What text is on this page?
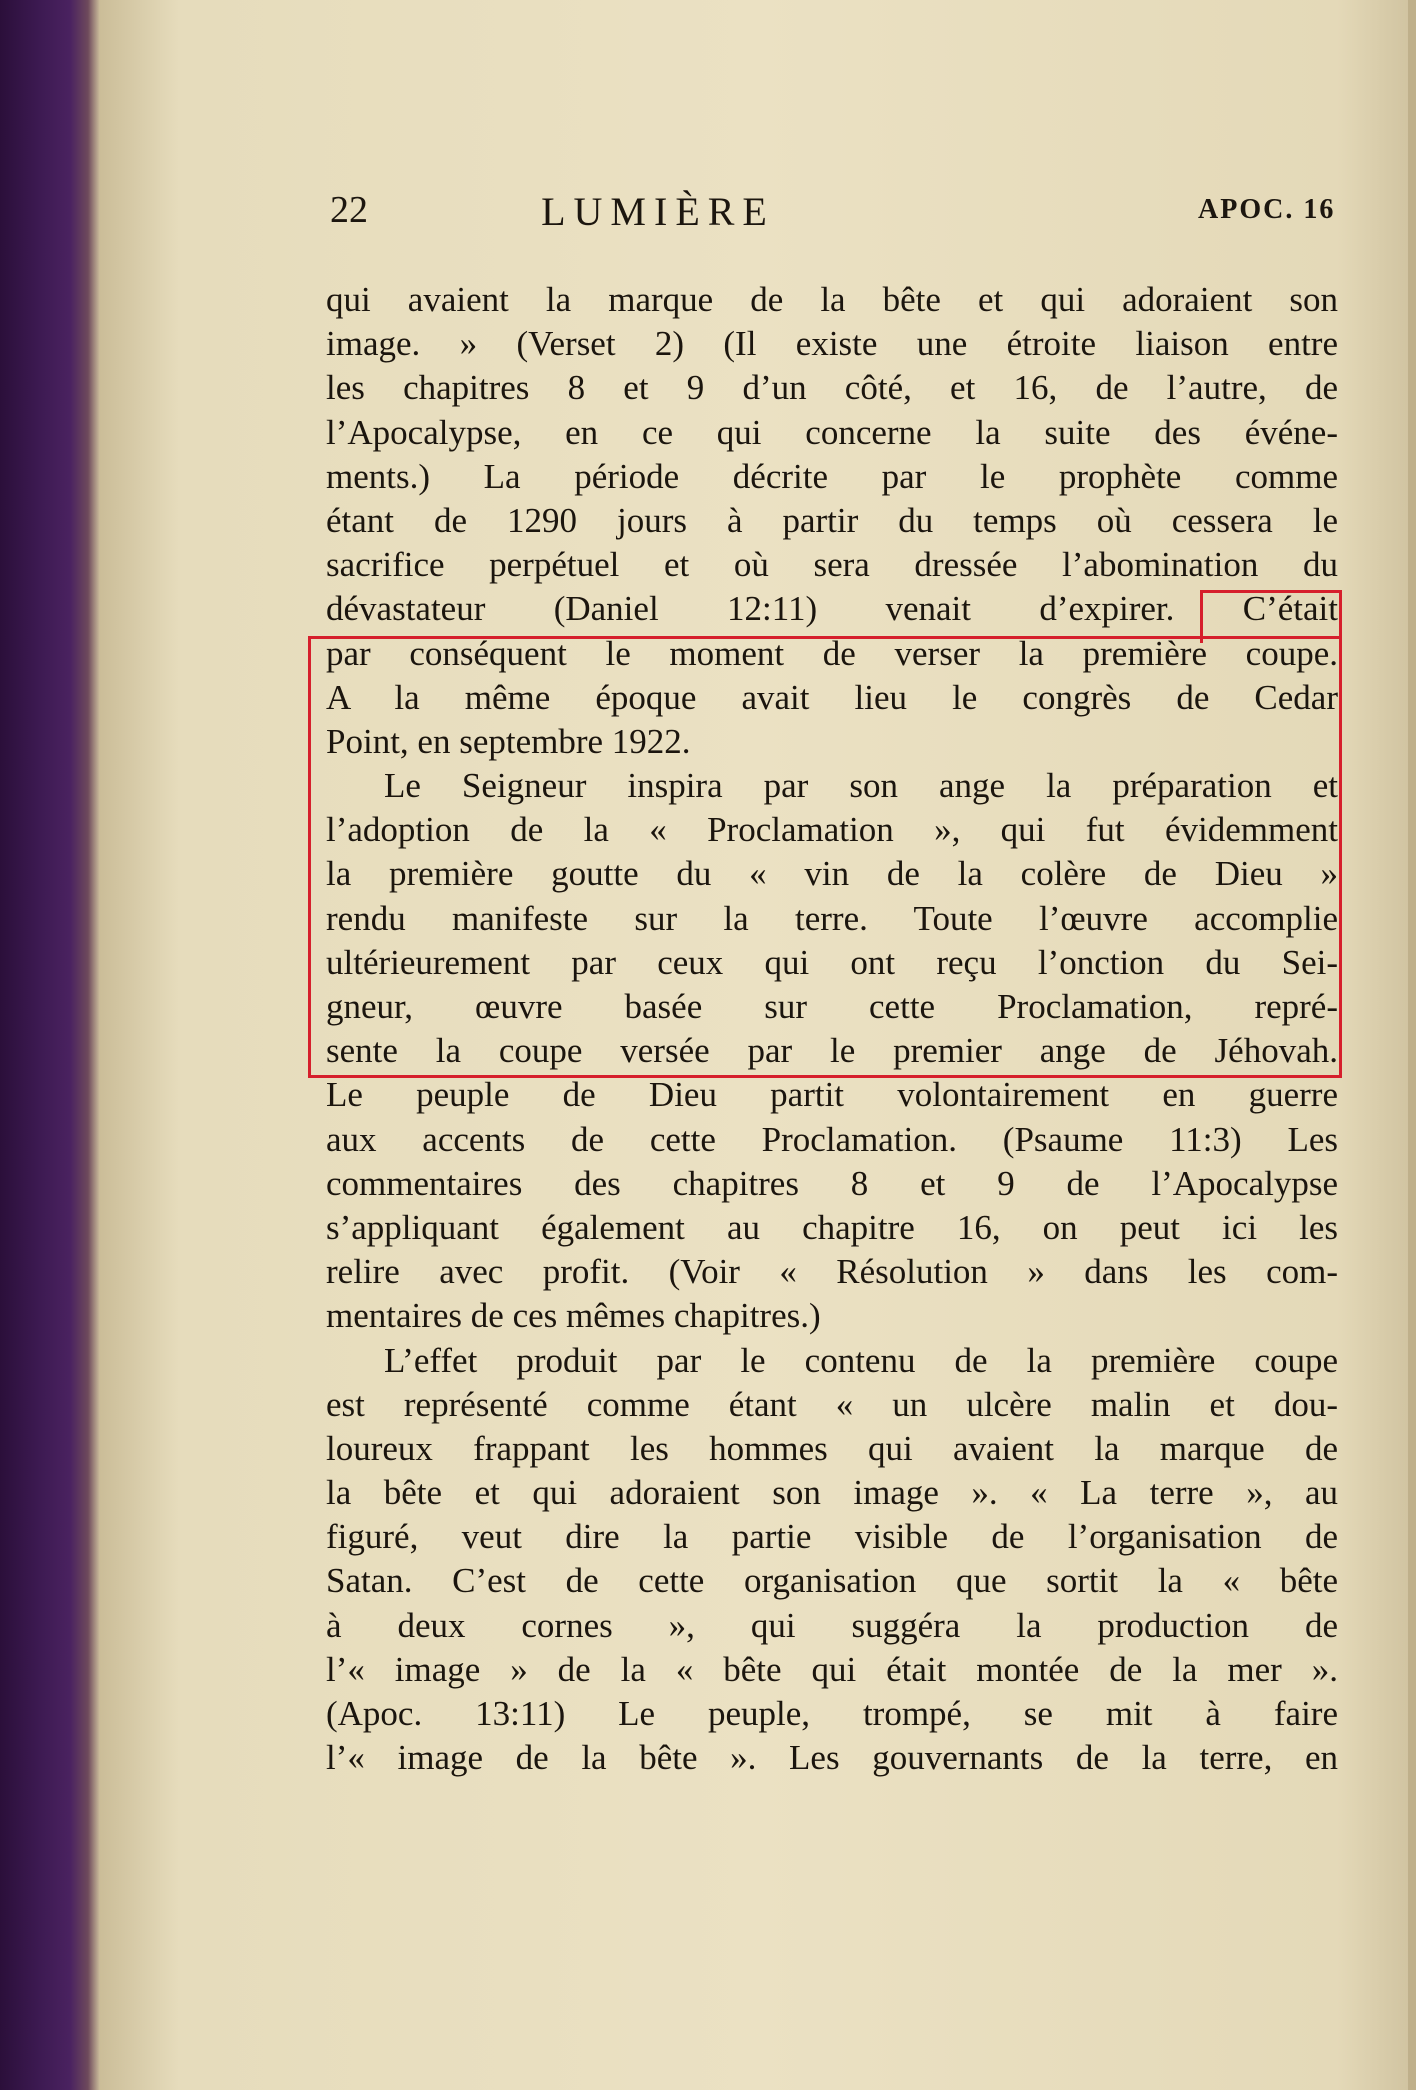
22	LUMIÈRE	APOC. 16
qui avaient la marque de la bête et qui adoraient son
image. » (Verset 2) (Il existe une étroite liaison entre
les chapitres 8 et 9 d’un côté, et 16, de l’autre, de
l’Apocalypse, en ce qui concerne la suite des événe-
ments.) La période décrite par le prophète comme
étant de 1290 jours à partir du temps où cessera le
sacrifice perpétuel et où sera dressée l’abomination du
dévastateur (Daniel 12:11) venait d’expirer. C’était
par conséquent le moment de verser la première coupe.
A la même époque avait lieu le congrès de Cedar
Point, en septembre 1922.
Le Seigneur inspira par son ange la préparation et
l’adoption de la « Proclamation », qui fut évidemment
la première goutte du « vin de la colère de Dieu »
rendu manifeste sur la terre. Toute l’œuvre accomplie
ultérieurement par ceux qui ont reçu l’onction du Sei-
gneur, œuvre basée sur cette Proclamation, repré-
sente la coupe versée par le premier ange de Jéhovah.
Le peuple de Dieu partit volontairement en guerre
aux accents de cette Proclamation. (Psaume 11:3) Les
commentaires des chapitres 8 et 9 de l’Apocalypse
s’appliquant également au chapitre 16, on peut ici les
relire avec profit. (Voir « Résolution » dans les com-
mentaires de ces mêmes chapitres.)
L’effet produit par le contenu de la première coupe
est représenté comme étant « un ulcère malin et dou-
loureux frappant les hommes qui avaient la marque de
la bête et qui adoraient son image ». « La terre », au
figuré, veut dire la partie visible de l’organisation de
Satan. C’est de cette organisation que sortit la « bête
à deux cornes », qui suggéra la production de
l’« image » de la « bête qui était montée de la mer ».
(Apoc. 13:11) Le peuple, trompé, se mit à faire
l’« image de la bête ». Les gouvernants de la terre, en
